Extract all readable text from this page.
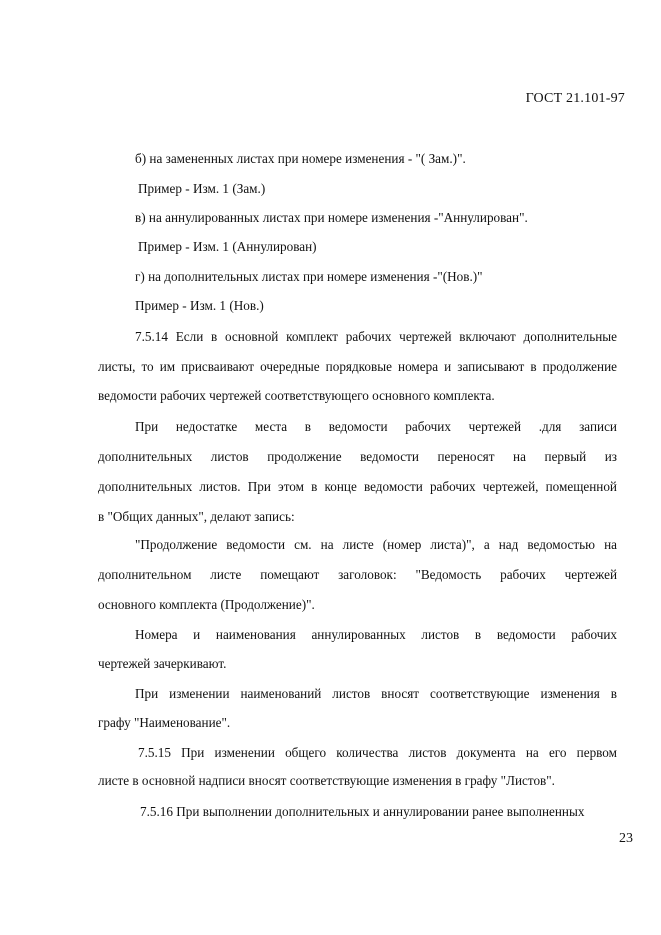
ГОСТ 21.101-97
б) на замененных листах при номере изменения - "( Зам.)".
Пример - Изм. 1 (Зам.)
в) на аннулированных листах при номере изменения -"Аннулирован".
Пример - Изм. 1 (Аннулирован)
г) на дополнительных листах при номере изменения -"(Нов.)"
Пример - Изм. 1 (Нов.)
7.5.14 Если в основной комплект рабочих чертежей включают дополнительные
листы, то им присваивают очередные порядковые номера и записывают в продолжение
ведомости рабочих чертежей соответствующего основного комплекта.
При недостатке места в ведомости рабочих чертежей .для записи
дополнительных листов продолжение ведомости переносят на первый из
дополнительных листов. При этом в конце ведомости рабочих чертежей, помещенной
в "Общих данных", делают запись:
"Продолжение ведомости см. на листе (номер листа)", а над ведомостью на
дополнительном листе помещают заголовок: "Ведомость рабочих чертежей
основного комплекта (Продолжение)".
Номера и наименования аннулированных листов в ведомости рабочих
чертежей зачеркивают.
При изменении наименований листов вносят соответствующие изменения в
графу "Наименование".
7.5.15 При изменении общего количества листов документа на его первом
листе в основной надписи вносят соответствующие изменения в графу "Листов".
7.5.16 При выполнении дополнительных и аннулировании ранее выполненных
23
